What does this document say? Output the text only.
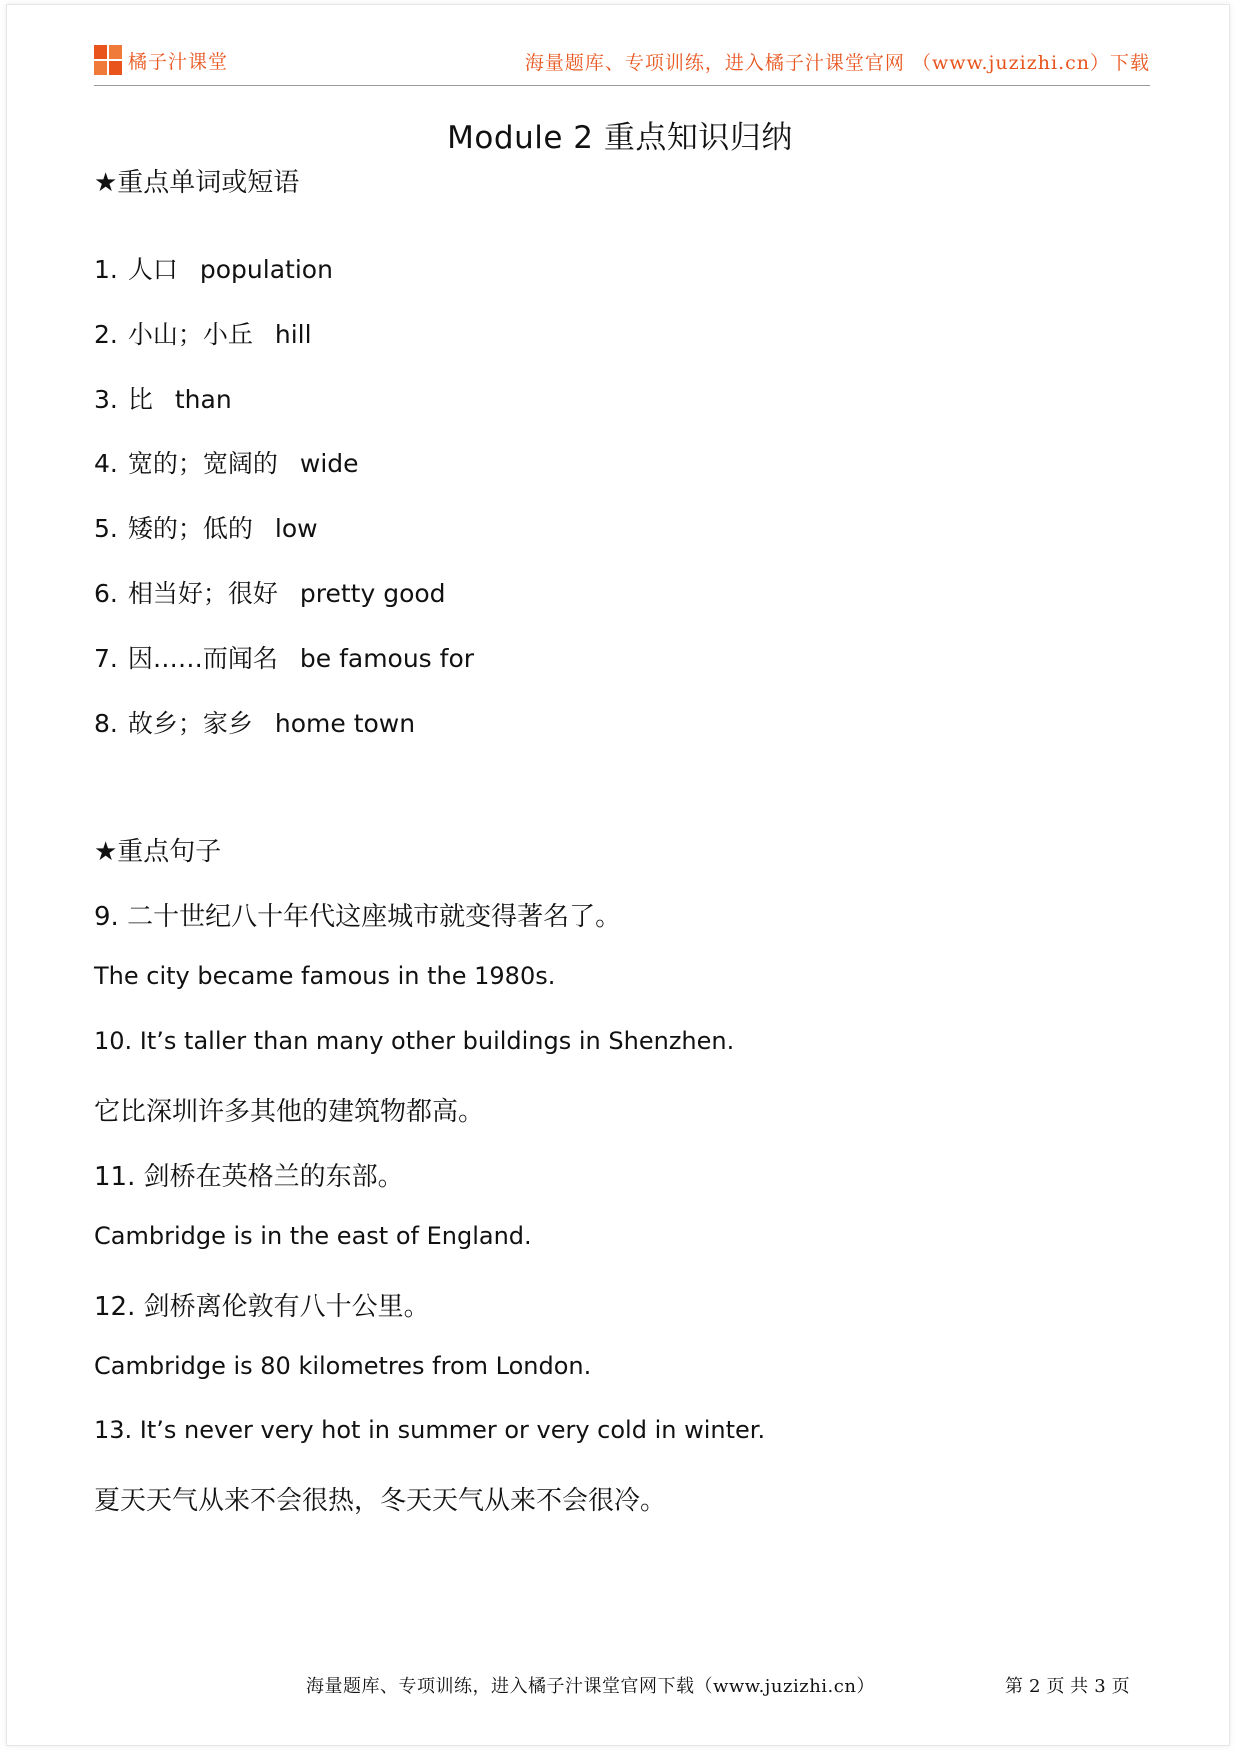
橘子汁课堂	海量题库、专项训练，进入橘子汁课堂官网 （www.juzizhi.cn）下载
Module 2 重点知识归纳
★重点单词或短语
1. 人口 population
2. 小山；小丘 hill
3. 比 than
4. 宽的；宽阔的 wide
5. 矮的；低的 low
6. 相当好；很好 pretty good
7. 因……而闻名 be famous for
8. 故乡；家乡 home town
★重点句子
9. 二十世纪八十年代这座城市就变得著名了。
The city became famous in the 1980s.
10. It’s taller than many other buildings in Shenzhen.
它比深圳许多其他的建筑物都高。
11. 剑桥在英格兰的东部。
Cambridge is in the east of England.
12. 剑桥离伦敦有八十公里。
Cambridge is 80 kilometres from London.
13. It’s never very hot in summer or very cold in winter.
夏天天气从来不会很热，冬天天气从来不会很冷。
海量题库、专项训练，进入橘子汁课堂官网下载（www.juzizhi.cn）	第 2 页 共 3 页
